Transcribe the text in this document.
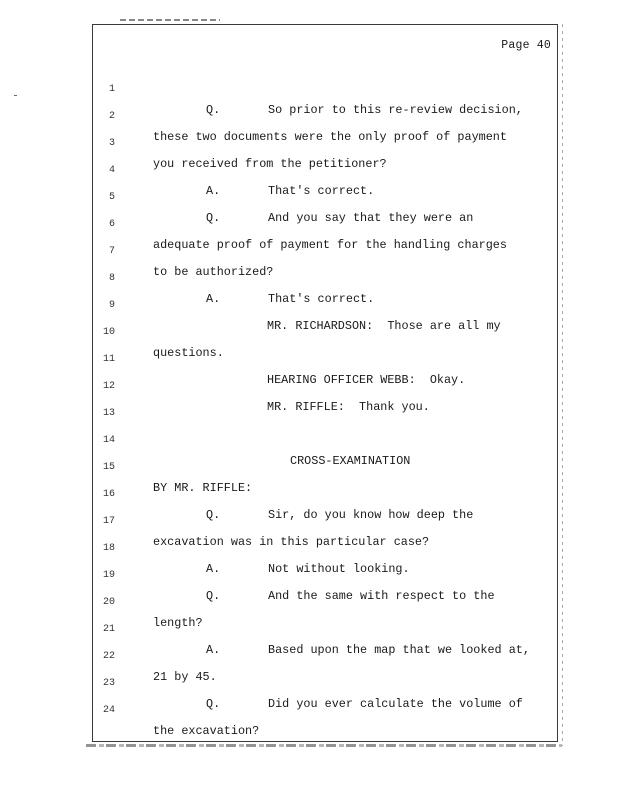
Page 40

1

Q.	So prior to this re-review decision,

2

these two documents were the only proof of payment

3

you received from the petitioner?

4

A.	That's correct.

5

Q.	And you say that they were an

6

adequate proof of payment for the handling charges

7

to be authorized?

8

A.	That's correct.

9

MR. RICHARDSON:  Those are all my

10

questions.

11

HEARING OFFICER WEBB:  Okay.

12

MR. RIFFLE:  Thank you.

13

14

CROSS-EXAMINATION

15

BY MR. RIFFLE:

16

Q.	Sir, do you know how deep the

17

excavation was in this particular case?

18

A.	Not without looking.

19

Q.	And the same with respect to the

20

length?

21

A.	Based upon the map that we looked at,

22

21 by 45.

23

Q.	Did you ever calculate the volume of

24

the excavation?
